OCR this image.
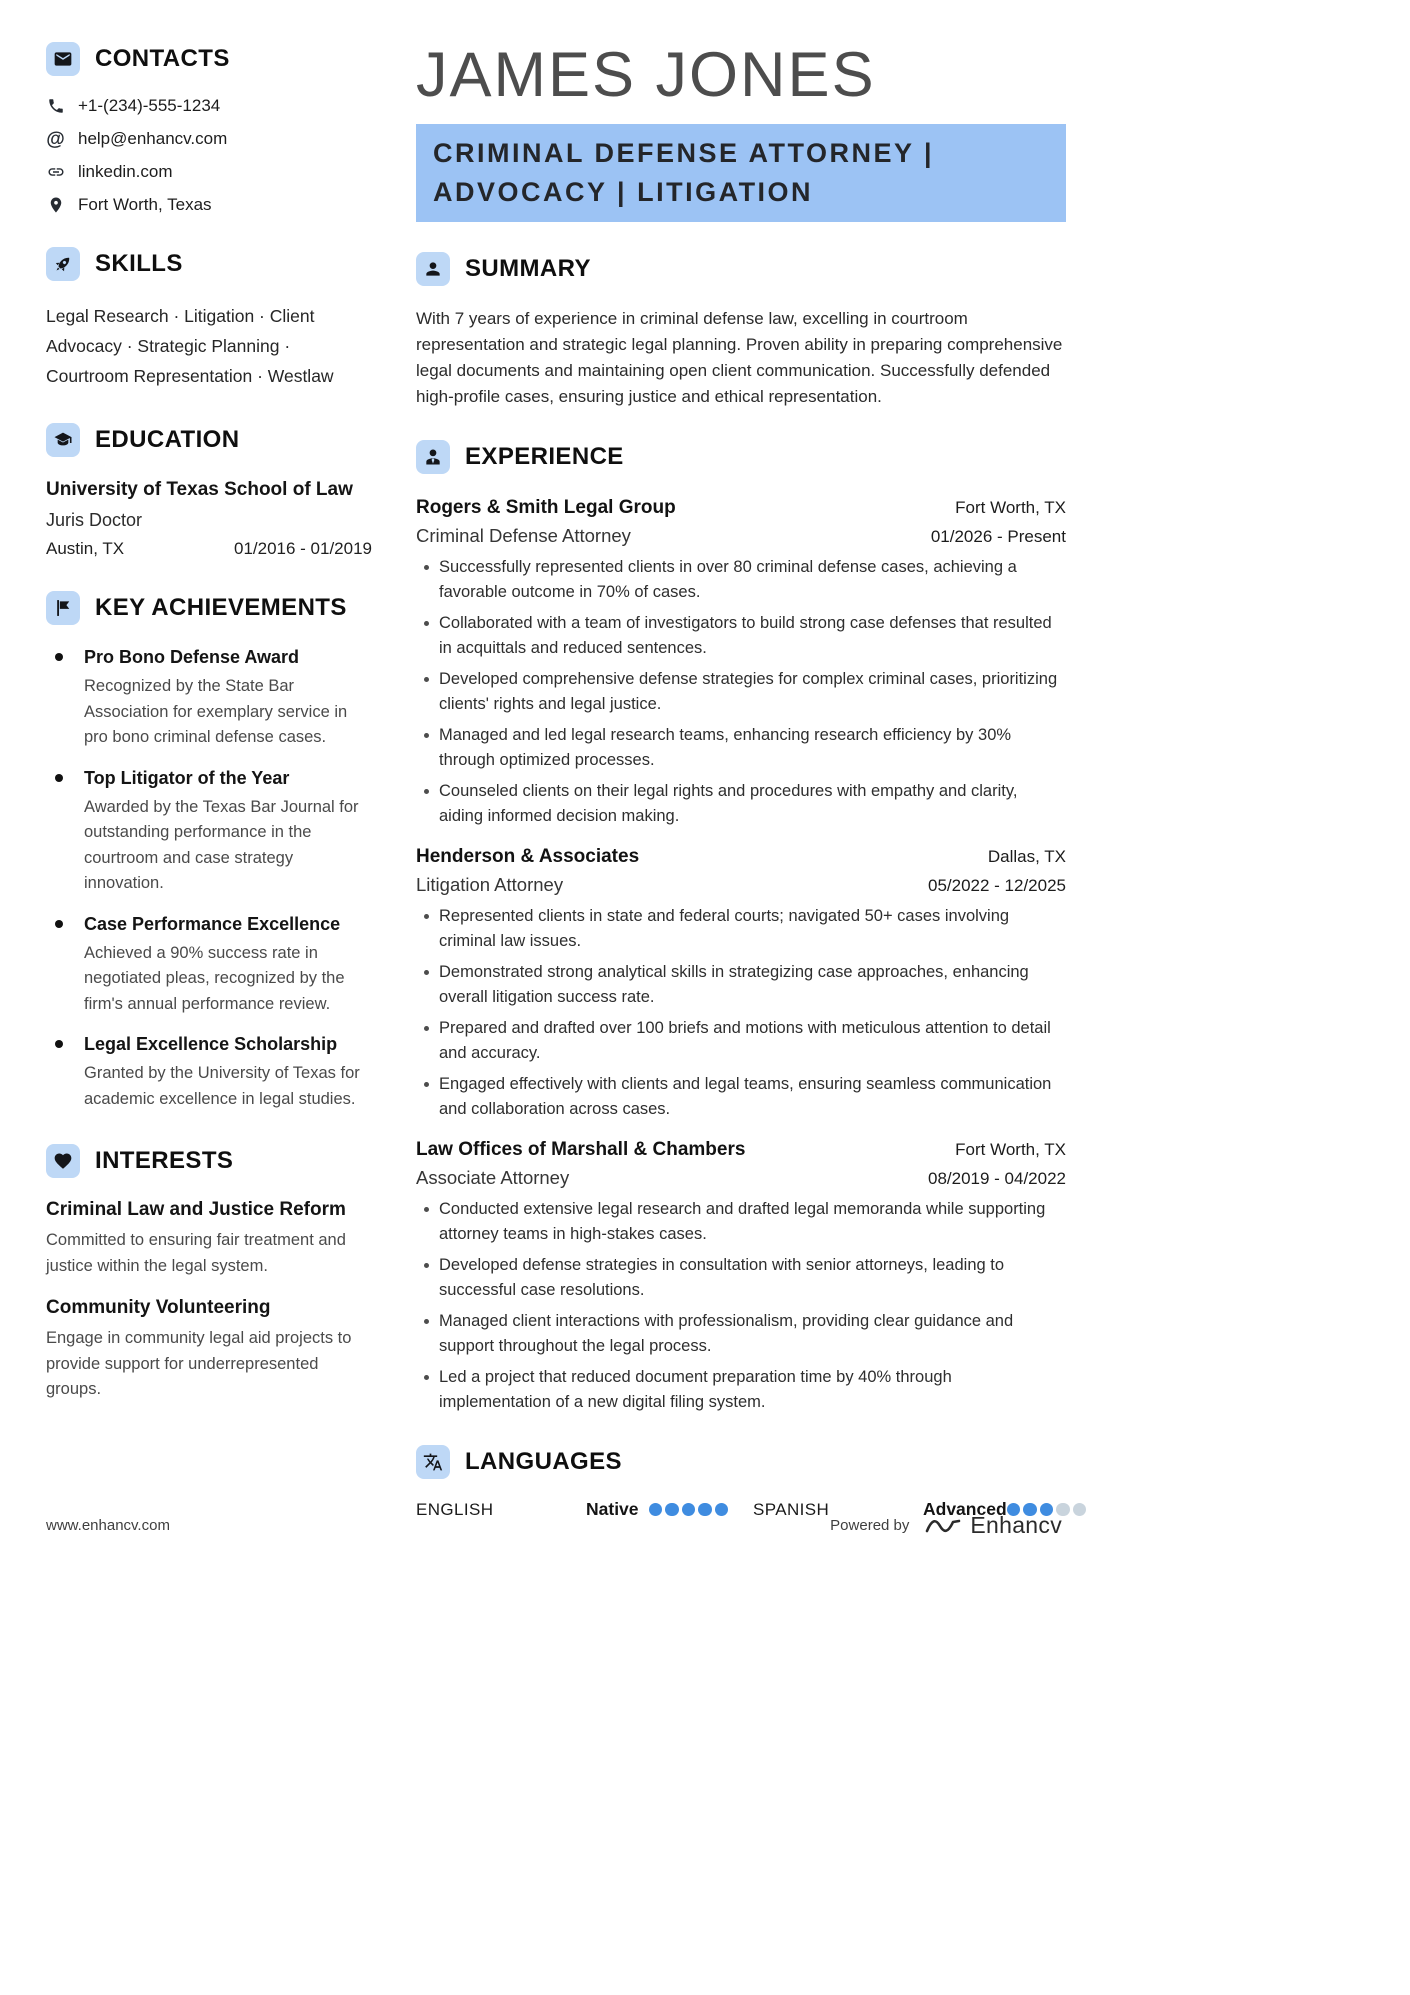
CONTACTS
+1-(234)-555-1234
@ help@enhancv.com
linkedin.com
Fort Worth, Texas
SKILLS

Legal Research · Litigation · Client Advocacy · Strategic Planning · Courtroom Representation · Westlaw

EDUCATION
University of Texas School of Law
Juris Doctor
Austin, TX	01/2016 - 01/2019
KEY ACHIEVEMENTS
Pro Bono Defense Award
Recognized by the State Bar Association for exemplary service in pro bono criminal defense cases.
Top Litigator of the Year
Awarded by the Texas Bar Journal for outstanding performance in the courtroom and case strategy innovation.
Case Performance Excellence
Achieved a 90% success rate in negotiated pleas, recognized by the firm's annual performance review.
Legal Excellence Scholarship
Granted by the University of Texas for academic excellence in legal studies.
INTERESTS
Criminal Law and Justice Reform
Committed to ensuring fair treatment and justice within the legal system.
Community Volunteering
Engage in community legal aid projects to provide support for underrepresented groups.
JAMES JONES
CRIMINAL DEFENSE ATTORNEY | ADVOCACY | LITIGATION
SUMMARY

With 7 years of experience in criminal defense law, excelling in courtroom representation and strategic legal planning. Proven ability in preparing comprehensive legal documents and maintaining open client communication. Successfully defended high-profile cases, ensuring justice and ethical representation.

EXPERIENCE
Rogers & Smith Legal Group	Fort Worth, TX
Criminal Defense Attorney	01/2026 - Present
Successfully represented clients in over 80 criminal defense cases, achieving a favorable outcome in 70% of cases.
Collaborated with a team of investigators to build strong case defenses that resulted in acquittals and reduced sentences.
Developed comprehensive defense strategies for complex criminal cases, prioritizing clients' rights and legal justice.
Managed and led legal research teams, enhancing research efficiency by 30% through optimized processes.
Counseled clients on their legal rights and procedures with empathy and clarity, aiding informed decision making.
Henderson & Associates	Dallas, TX
Litigation Attorney	05/2022 - 12/2025
Represented clients in state and federal courts; navigated 50+ cases involving criminal law issues.
Demonstrated strong analytical skills in strategizing case approaches, enhancing overall litigation success rate.
Prepared and drafted over 100 briefs and motions with meticulous attention to detail and accuracy.
Engaged effectively with clients and legal teams, ensuring seamless communication and collaboration across cases.
Law Offices of Marshall & Chambers	Fort Worth, TX
Associate Attorney	08/2019 - 04/2022
Conducted extensive legal research and drafted legal memoranda while supporting attorney teams in high-stakes cases.
Developed defense strategies in consultation with senior attorneys, leading to successful case resolutions.
Managed client interactions with professionalism, providing clear guidance and support throughout the legal process.
Led a project that reduced document preparation time by 40% through implementation of a new digital filing system.
LANGUAGES
ENGLISH	Native	SPANISH	Advanced
www.enhancv.com	Powered by	Enhancv
